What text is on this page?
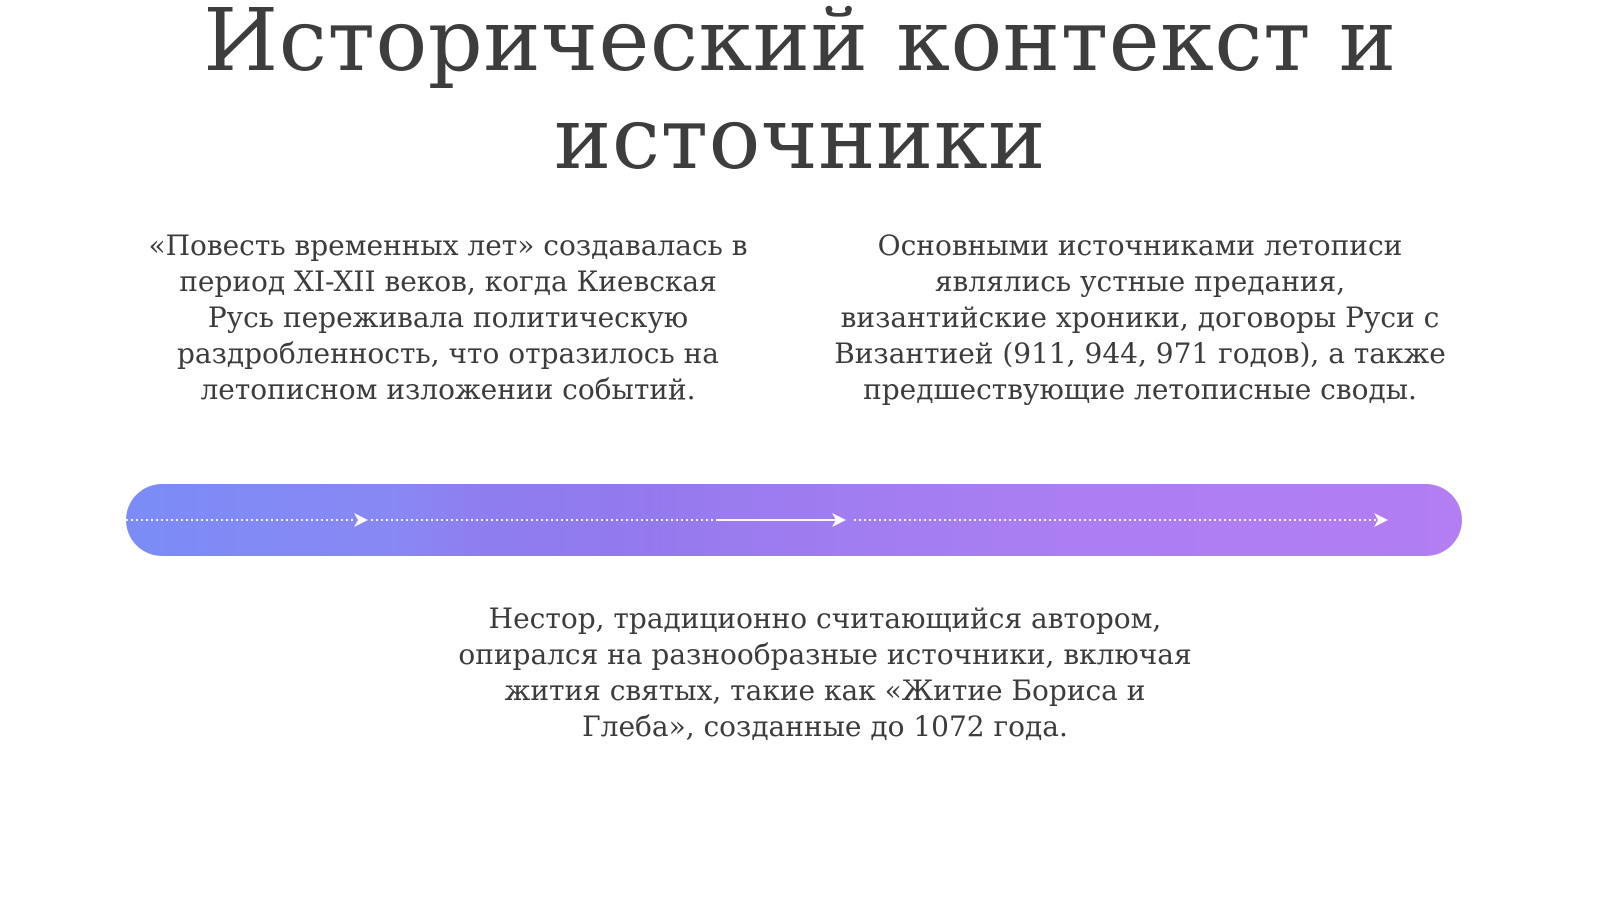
Исторический контекст и источники

«Повесть временных лет» создавалась в период XI-XII веков, когда Киевская Русь переживала политическую раздробленность, что отразилось на летописном изложении событий.

Основными источниками летописи являлись устные предания, византийские хроники, договоры Руси с Византией (911, 944, 971 годов), а также предшествующие летописные своды.

Нестор, традиционно считающийся автором, опирался на разнообразные источники, включая жития святых, такие как «Житие Бориса и Глеба», созданные до 1072 года.
